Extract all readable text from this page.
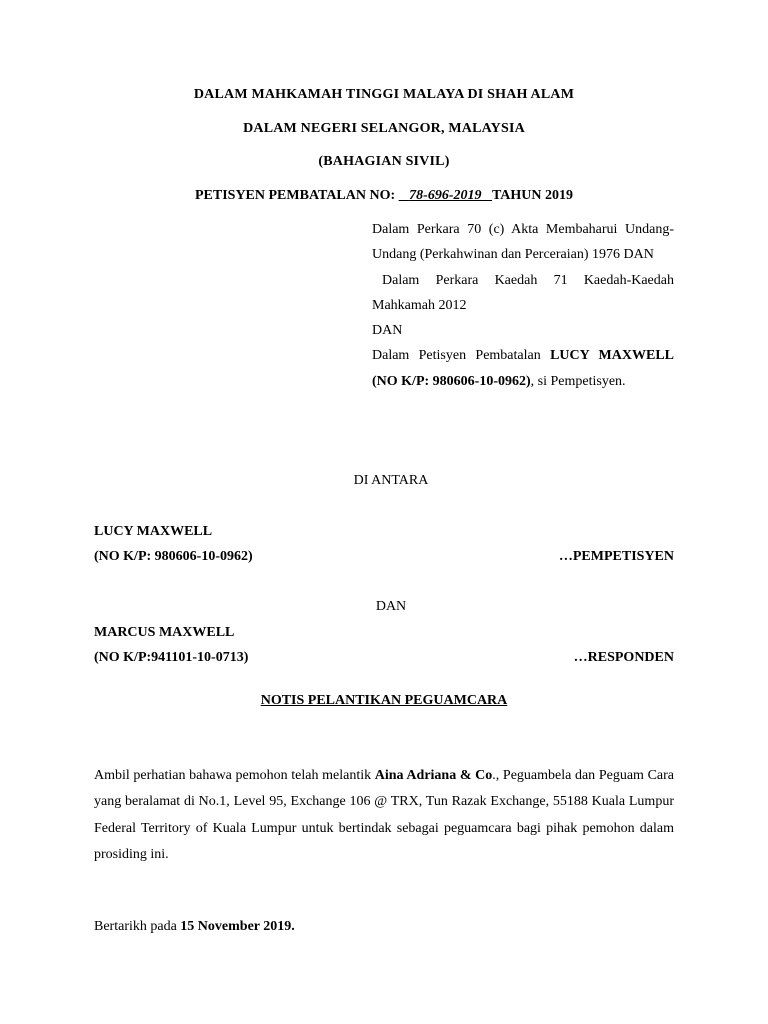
DALAM MAHKAMAH TINGGI MALAYA DI SHAH ALAM
DALAM NEGERI SELANGOR, MALAYSIA
(BAHAGIAN SIVIL)
PETISYEN PEMBATALAN NO: 78-696-2019 TAHUN 2019

Dalam Perkara 70 (c) Akta Membaharui Undang-Undang (Perkahwinan dan Perceraian) 1976 DAN

Dalam Perkara Kaedah 71 Kaedah-Kaedah Mahkamah 2012

DAN

Dalam Petisyen Pembatalan LUCY MAXWELL (NO K/P: 980606-10-0962), si Pempetisyen.

DI ANTARA
LUCY MAXWELL
(NO K/P: 980606-10-0962)	…PEMPETISYEN
DAN
MARCUS MAXWELL
(NO K/P:941101-10-0713)	…RESPONDEN
NOTIS PELANTIKAN PEGUAMCARA
Ambil perhatian bahawa pemohon telah melantik Aina Adriana & Co., Peguambela dan Peguam Cara yang beralamat di No.1, Level 95, Exchange 106 @ TRX, Tun Razak Exchange, 55188 Kuala Lumpur Federal Territory of Kuala Lumpur untuk bertindak sebagai peguamcara bagi pihak pemohon dalam prosiding ini.
Bertarikh pada 15 November 2019.
